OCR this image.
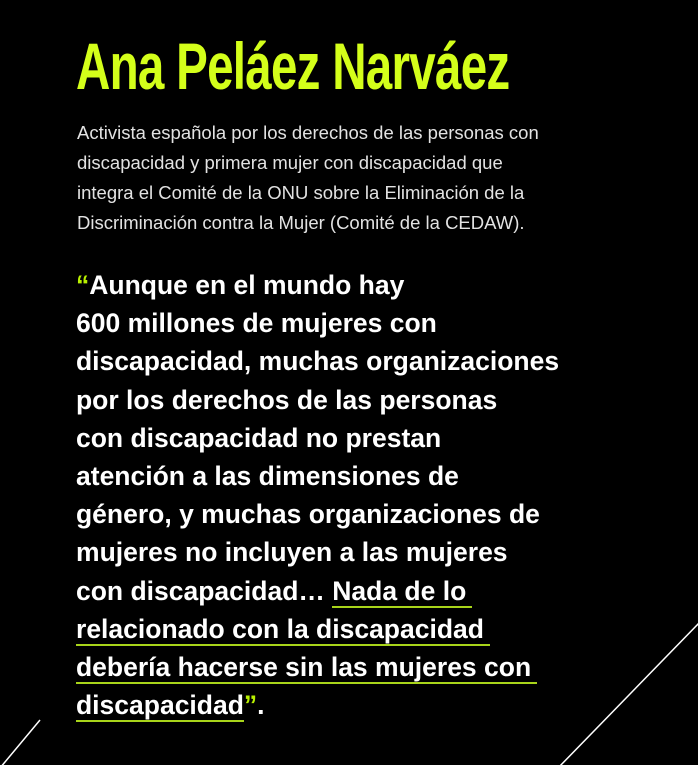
Ana Peláez Narváez
Activista española por los derechos de las personas con
discapacidad y primera mujer con discapacidad que
integra el Comité de la ONU sobre la Eliminación de la
Discriminación contra la Mujer (Comité de la CEDAW).
“Aunque en el mundo hay
600 millones de mujeres con
discapacidad, muchas organizaciones
por los derechos de las personas
con discapacidad no prestan
atención a las dimensiones de
género, y muchas organizaciones de
mujeres no incluyen a las mujeres
con discapacidad… Nada de lo
relacionado con la discapacidad
debería hacerse sin las mujeres con
discapacidad”.
